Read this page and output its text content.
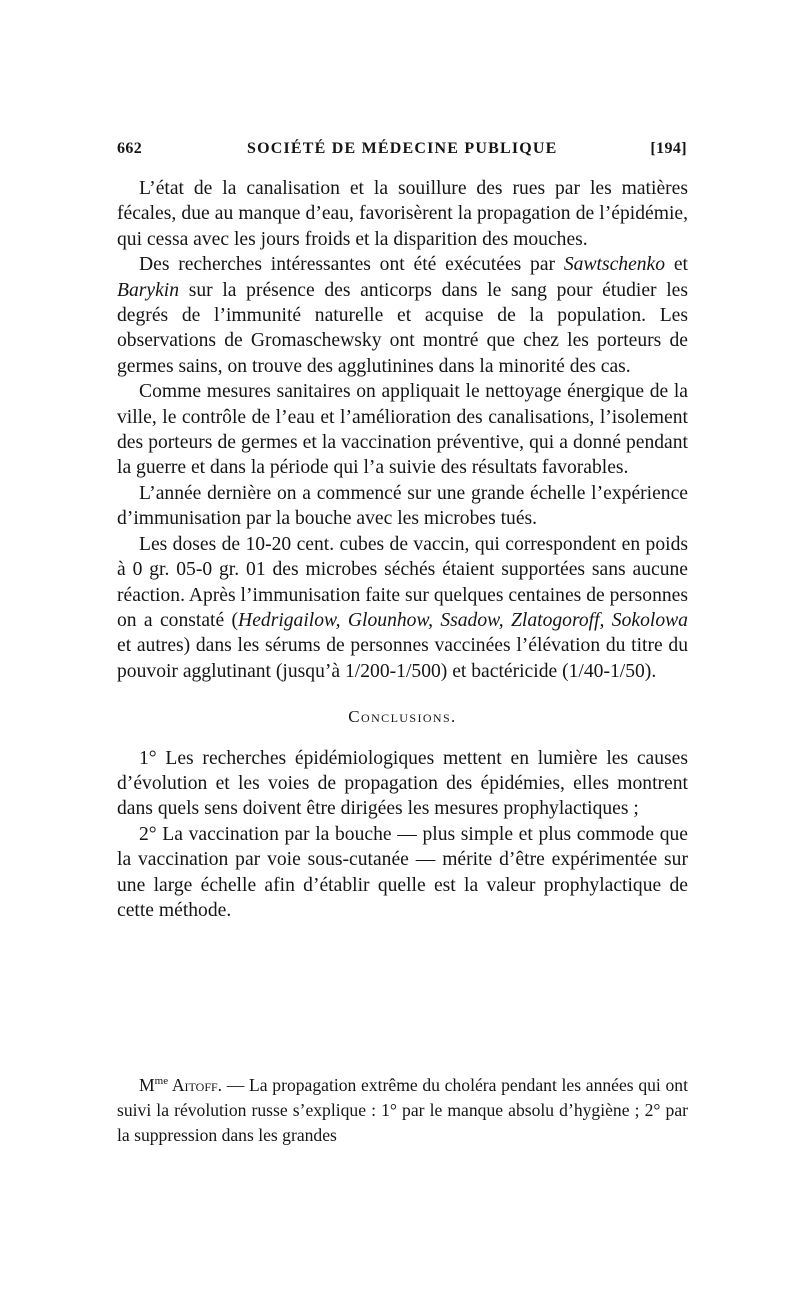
662	SOCIÉTÉ DE MÉDECINE PUBLIQUE	[194]

L’état de la canalisation et la souillure des rues par les matières fécales, due au manque d’eau, favorisèrent la propagation de l’épidémie, qui cessa avec les jours froids et la disparition des mouches.

Des recherches intéressantes ont été exécutées par Sawtschenko et Barykin sur la présence des anticorps dans le sang pour étudier les degrés de l’immunité naturelle et acquise de la population. Les observations de Gromaschewsky ont montré que chez les porteurs de germes sains, on trouve des agglutinines dans la minorité des cas.

Comme mesures sanitaires on appliquait le nettoyage énergique de la ville, le contrôle de l’eau et l’amélioration des canalisations, l’isolement des porteurs de germes et la vaccination préventive, qui a donné pendant la guerre et dans la période qui l’a suivie des résultats favorables.

L’année dernière on a commencé sur une grande échelle l’expérience d’immunisation par la bouche avec les microbes tués.

Les doses de 10-20 cent. cubes de vaccin, qui correspondent en poids à 0 gr. 05-0 gr. 01 des microbes séchés étaient supportées sans aucune réaction. Après l’immunisation faite sur quelques centaines de personnes on a constaté (Hedrigailow, Glounhow, Ssadow, Zlatogoroff, Sokolowa et autres) dans les sérums de personnes vaccinées l’élévation du titre du pouvoir agglutinant (jusqu’à 1/200-1/500) et bactéricide (1/40-1/50).

Conclusions.

1° Les recherches épidémiologiques mettent en lumière les causes d’évolution et les voies de propagation des épidémies, elles montrent dans quels sens doivent être dirigées les mesures prophylactiques ;

2° La vaccination par la bouche — plus simple et plus commode que la vaccination par voie sous-cutanée — mérite d’être expérimentée sur une large échelle afin d’établir quelle est la valeur prophylactique de cette méthode.

$M^{me}$ Aitoff. — La propagation extrême du choléra pendant les années qui ont suivi la révolution russe s’explique : 1° par le manque absolu d’hygiène ; 2° par la suppression dans les grandes
